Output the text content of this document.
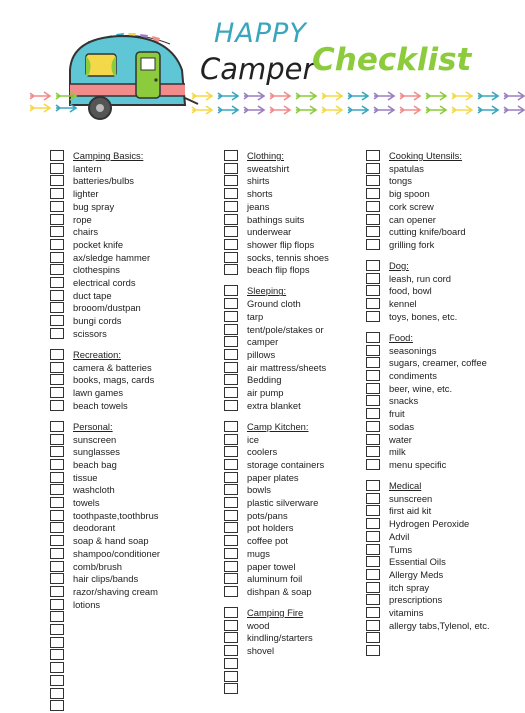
HAPPY
Camper
Checklist
Camping Basics:
lantern
batteries/bulbs
lighter
bug spray
rope
chairs
pocket knife
ax/sledge hammer
clothespins
electrical cords
duct tape
brooom/dustpan
bungi cords
scissors
Recreation:
camera & batteries
books, mags, cards
lawn games
beach towels
Personal:
sunscreen
sunglasses
beach bag
tissue
washcloth
towels
toothpaste,toothbrus
deodorant
soap & hand soap
shampoo/conditioner
comb/brush
hair clips/bands
razor/shaving cream
lotions
Clothing:
sweatshirt
shirts
shorts
jeans
bathings suits
underwear
shower flip flops
socks, tennis shoes
beach flip flops
Sleeping:
Ground cloth
tarp
tent/pole/stakes or
camper
pillows
air mattress/sheets
Bedding
air pump
extra blanket
Camp Kitchen:
ice
coolers
storage containers
paper plates
bowls
plastic silverware
pots/pans
pot holders
coffee pot
mugs
paper towel
aluminum foil
dishpan & soap
Camping Fire
wood
kindling/starters
shovel
Cooking Utensils:
spatulas
tongs
big spoon
cork screw
can opener
cutting knife/board
grilling fork
Dog:
leash, run cord
food, bowl
kennel
toys, bones, etc.
Food:
seasonings
sugars, creamer, coffee
condiments
beer, wine, etc.
snacks
fruit
sodas
water
milk
menu specific
Medical
sunscreen
first aid kit
Hydrogen Peroxide
Advil
Tums
Essential Oils
Allergy Meds
itch spray
prescriptions
vitamins
allergy tabs,Tylenol, etc.
